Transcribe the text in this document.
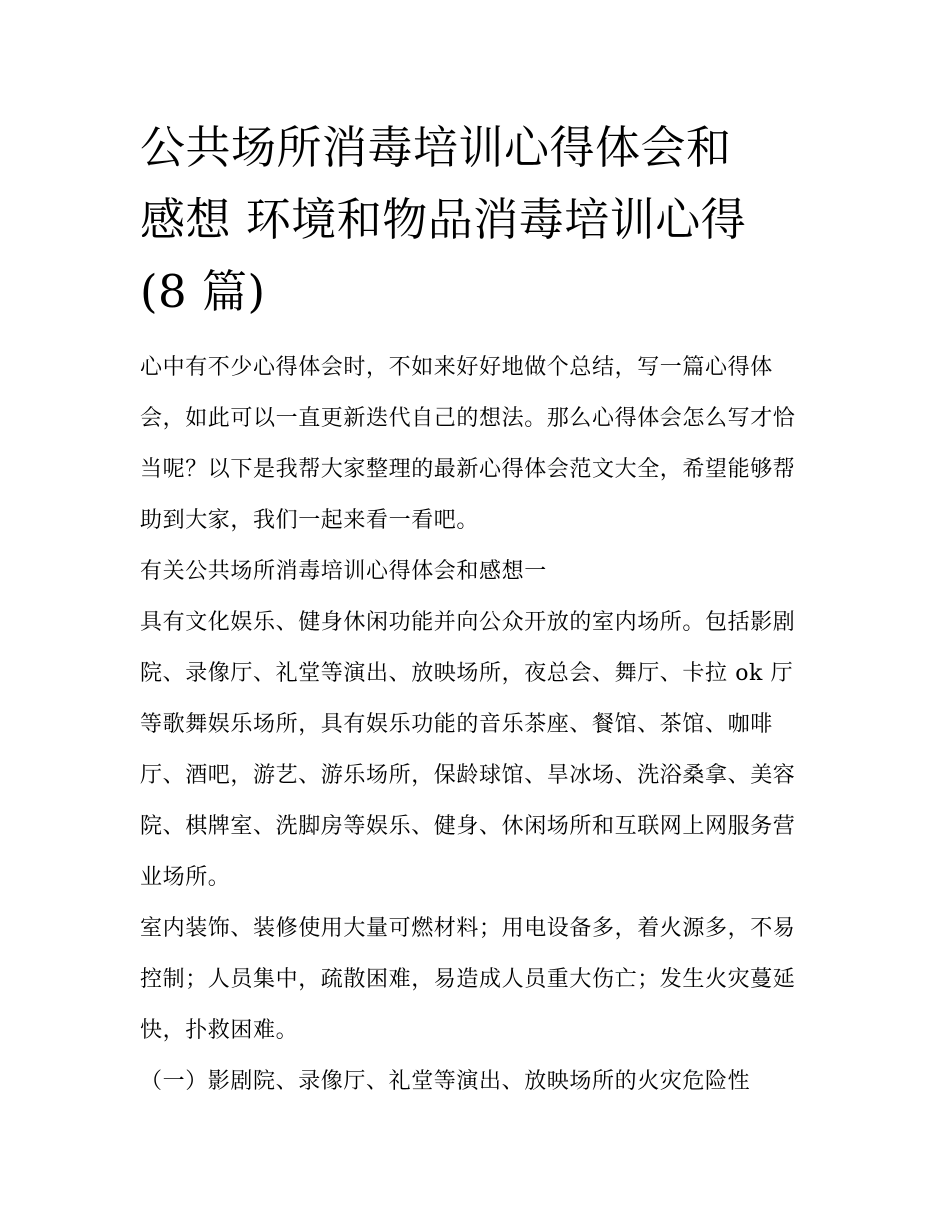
公共场所消毒培训心得体会和
感想 环境和物品消毒培训心得
(8 篇)

心中有不少心得体会时，不如来好好地做个总结，写一篇心得体会，如此可以一直更新迭代自己的想法。那么心得体会怎么写才恰当呢？以下是我帮大家整理的最新心得体会范文大全，希望能够帮助到大家，我们一起来看一看吧。

有关公共场所消毒培训心得体会和感想一

具有文化娱乐、健身休闲功能并向公众开放的室内场所。包括影剧院、录像厅、礼堂等演出、放映场所，夜总会、舞厅、卡拉 ok 厅等歌舞娱乐场所，具有娱乐功能的音乐茶座、餐馆、茶馆、咖啡厅、酒吧，游艺、游乐场所，保龄球馆、旱冰场、洗浴桑拿、美容院、棋牌室、洗脚房等娱乐、健身、休闲场所和互联网上网服务营业场所。

室内装饰、装修使用大量可燃材料；用电设备多，着火源多，不易控制；人员集中，疏散困难，易造成人员重大伤亡；发生火灾蔓延快，扑救困难。

（一）影剧院、录像厅、礼堂等演出、放映场所的火灾危险性
